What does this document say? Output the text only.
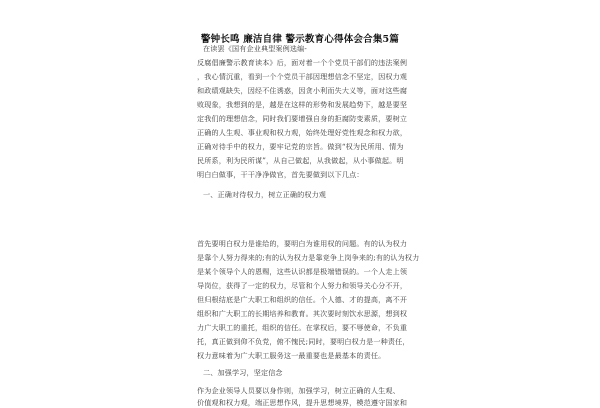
警钟长鸣 廉洁自律 警示教育心得体会合集5篇
在读罢《国有企业典型案例选编-
反腐倡廉警示教育读本》后，面对着一个个党员干部们的违法案例
，我心情沉重，看到一个个党员干部因理想信念不坚定，因权力观
和政绩观缺失，因经不住诱惑，因贪小利而失大义等，面对这些腐
败现象，我想到的是，越是在这样的形势和发展趋势下，越是要坚
定我们的理想信念，同时我们要增强自身的拒腐防变素质，要树立
正确的人生观、事业观和权力观，始终处理好党性观念和权力欲，
正确对待手中的权力，要牢记党的宗旨。做到“权为民所用、情为
民所系，利为民所谋”，从自己做起，从我做起，从小事做起。明
明白白做事，干干净净做官，首先要做到以下几点：
一、正确对待权力，树立正确的权力观
首先要明白权力是谁给的，要明白为谁用权的问题。有的认为权力
是靠个人努力得来的;有的认为权力是靠竞争上岗争来的;有的认为权力
是某个领导个人的恩赐，这些认识都是极端错误的。一个人走上领
导岗位，获得了一定的权力，尽管和个人努力和领导关心分不开，
但归根结底是广大职工和组织的信任。个人德、才的提高，离不开
组织和广大职工的长期培养和教育。其次要时刻饮水思源，想到权
力广大职工的重托，组织的信任。在掌权后，要不辱使命，不负重
托，真正做到仰不负党，俯不愧民;同时，要明白权力是一种责任，
权力意味着为广大职工服务这一最重要也是最基本的责任。
二、加强学习，坚定信念
作为企业领导人员要以身作则，加强学习，树立正确的人生观、
价值观和权力观，端正思想作风，提升思想境界，模范遵守国家和
